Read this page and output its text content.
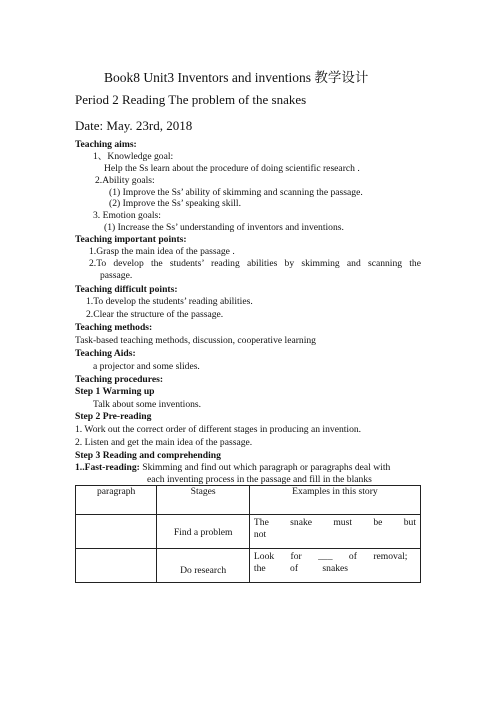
Book8 Unit3 Inventors and inventions 教学设计
Period 2 Reading The problem of the snakes
Date: May. 23rd, 2018
Teaching aims:
1、Knowledge goal:
Help the Ss learn about the procedure of doing scientific research .
2.Ability goals:
(1) Improve the Ss’ ability of skimming and scanning the passage.
(2) Improve the Ss’ speaking skill.
3. Emotion goals:
(1) Increase the Ss’ understanding of inventors and inventions.
Teaching important points:
1.Grasp the main idea of the passage .
2.To develop the students’ reading abilities by skimming and scanning the
passage.
Teaching difficult points:
1.To develop the students’ reading abilities.
2.Clear the structure of the passage.
Teaching methods:
Task-based teaching methods, discussion, cooperative learning
Teaching Aids:
a projector and some slides.
Teaching procedures:
Step 1 Warming up
Talk about some inventions.
Step 2 Pre-reading
1. Work out the correct order of different stages in producing an invention.
2. Listen and get the main idea of the passage.
Step 3 Reading and comprehending
1..Fast-reading: Skimming and find out which paragraph or paragraphs deal with
each inventing process in the passage and fill in the blanks
paragraph	Stages	Examples in this story

	Find a problem	The snake must be but
not

	Do research	Look for ___ of removal;
the of snakes
